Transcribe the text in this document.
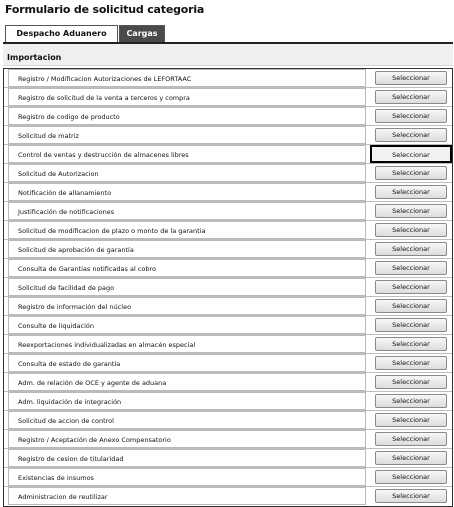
Formulario de solicitud categoria
Despacho Aduanero	Cargas
Importacion
Registro / Modificacion Autorizaciones de LEFORTAAC	Seleccionar
Registro de solicitud de la venta a terceros y compra	Seleccionar
Registro de codigo de producto	Seleccionar
Solicitud de matriz	Seleccionar
Control de ventas y destrucción de almacenes libres	Seleccionar
Solicitud de Autorizacion	Seleccionar
Notificación de allanamiento	Seleccionar
Justificación de notificaciones	Seleccionar
Solicitud de modificacion de plazo o monto de la garantia	Seleccionar
Solicitud de aprobación de garantía	Seleccionar
Consulta de Garantias notificadas al cobro	Seleccionar
Solicitud de facilidad de pago	Seleccionar
Registro de información del núcleo	Seleccionar
Consulte de liquidación	Seleccionar
Reexportaciones individualizadas en almacén especial	Seleccionar
Consulta de estado de garantía	Seleccionar
Adm. de relación de OCE y agente de aduana	Seleccionar
Adm. liquidación de integración	Seleccionar
Solicitud de accion de control	Seleccionar
Registro / Aceptación de Anexo Compensatorio	Seleccionar
Registro de cesion de titularidad	Seleccionar
Existencias de insumos	Seleccionar
Administracion de reutilizar	Seleccionar
